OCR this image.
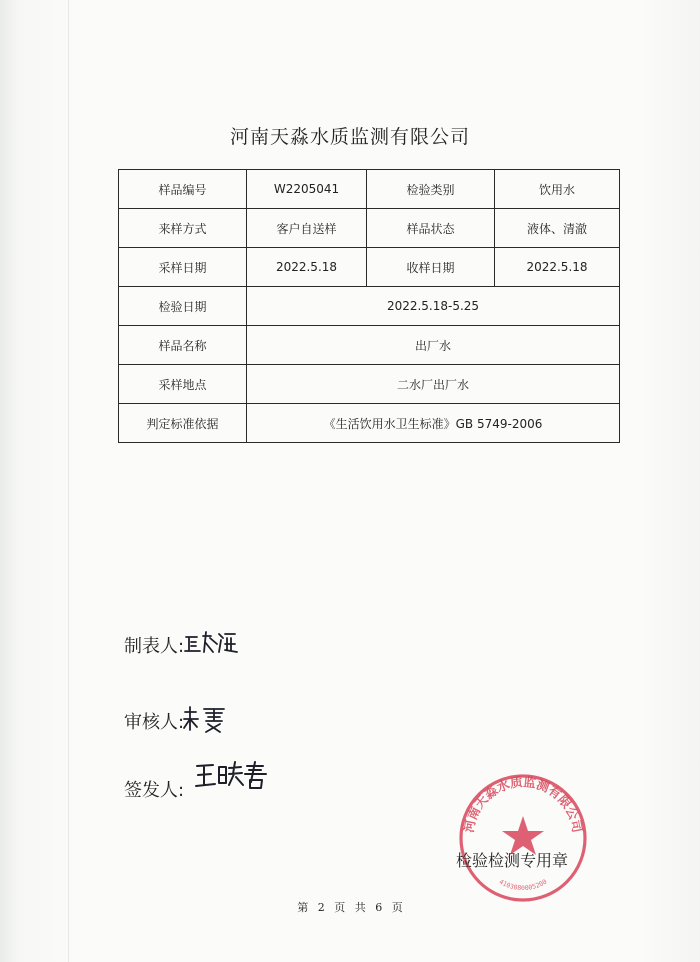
河南天淼水质监测有限公司
样品编号	W2205041	检验类别	饮用水
来样方式	客户自送样	样品状态	液体、清澈
采样日期	2022.5.18	收样日期	2022.5.18
检验日期	2022.5.18-5.25		
样品名称	出厂水		
采样地点	二水厂出厂水		
判定标准依据	《生活饮用水卫生标准》GB 5749-2006		
制表人:
审核人:
签发人:
河南天淼水质监测有限公司
4103080005200
检验检测专用章
第 2 页 共 6 页
